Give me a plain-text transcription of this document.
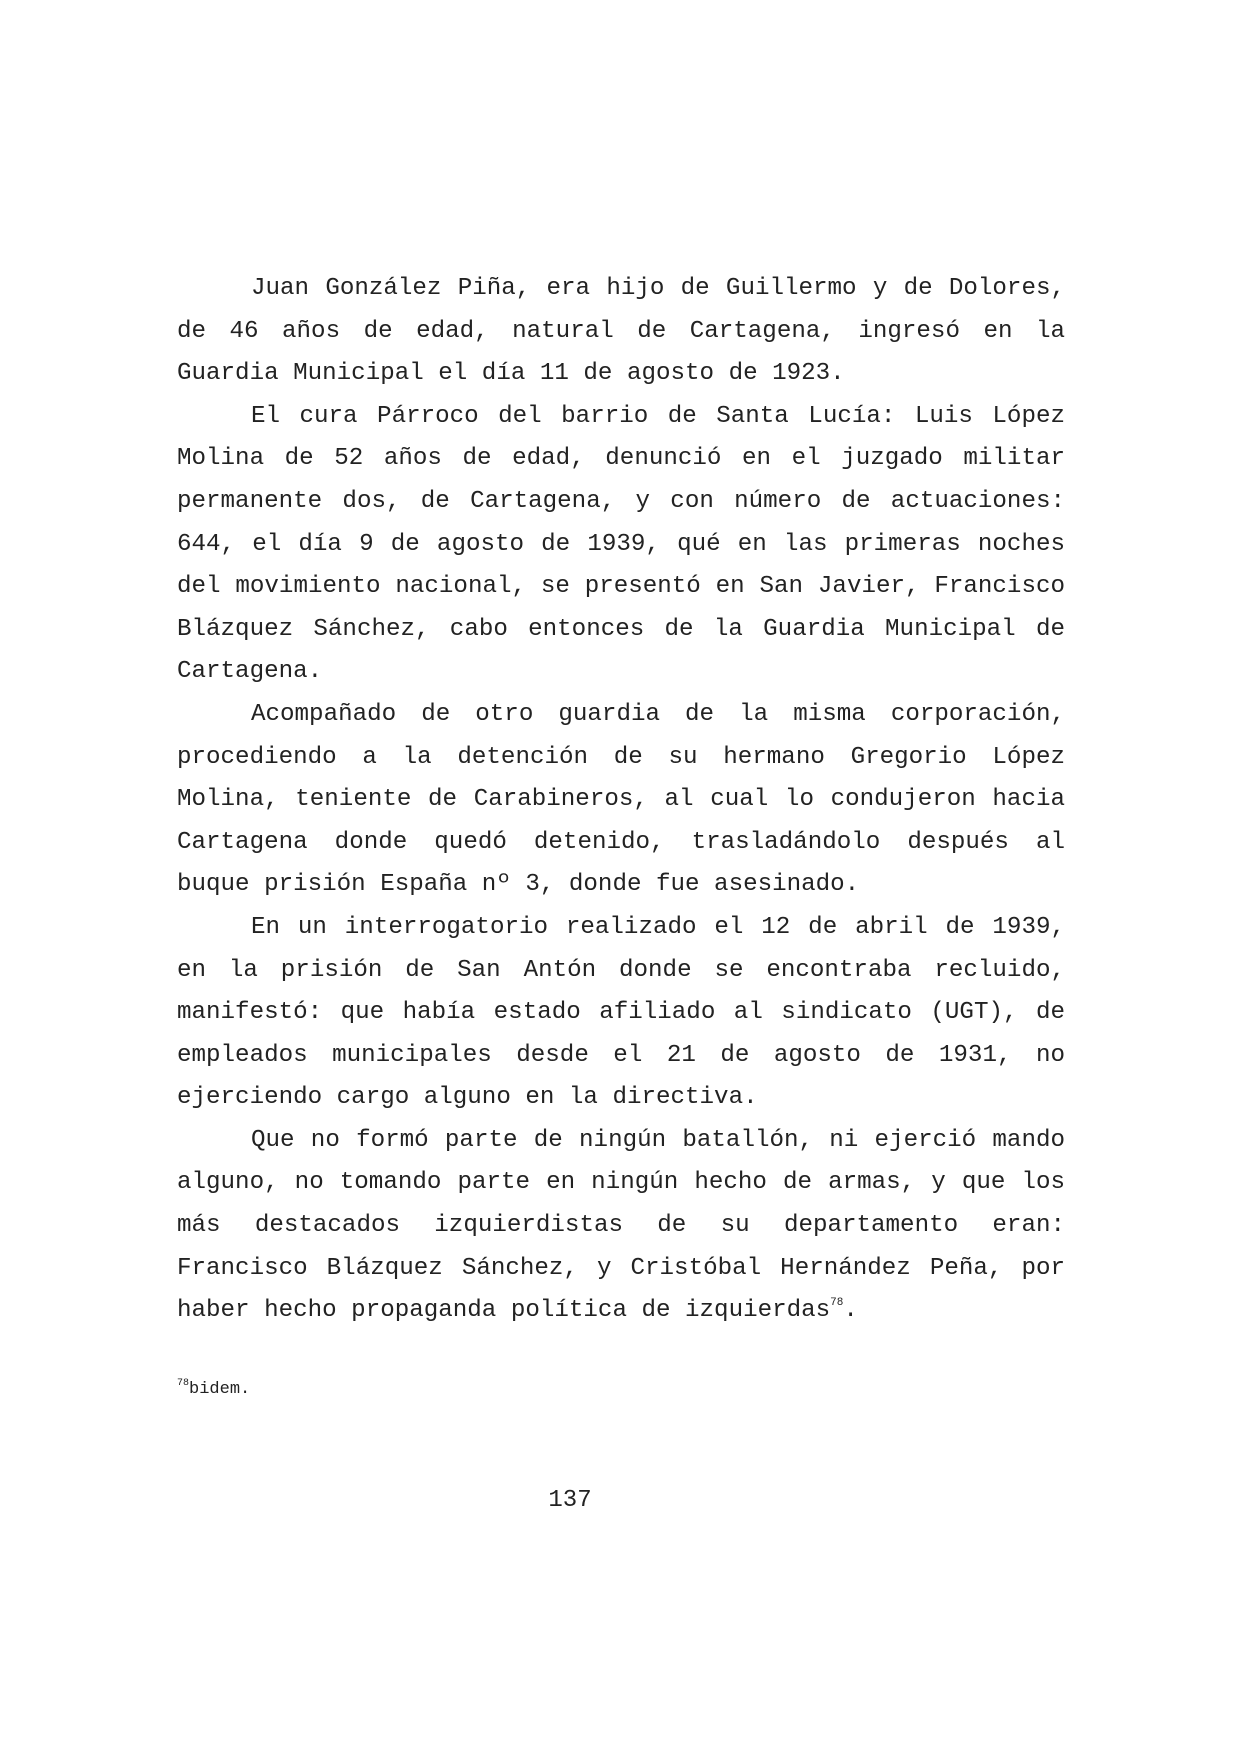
Juan González Piña, era hijo de Guillermo y de Dolores, de 46 años de edad, natural de Cartagena, ingresó en la Guardia Municipal el día 11 de agosto de 1923.

El cura Párroco del barrio de Santa Lucía: Luis López Molina de 52 años de edad, denunció en el juzgado militar permanente dos, de Cartagena, y con número de actuaciones: 644, el día 9 de agosto de 1939, qué en las primeras noches del movimiento nacional, se presentó en San Javier, Francisco Blázquez Sánchez, cabo entonces de la Guardia Municipal de Cartagena.

Acompañado de otro guardia de la misma corporación, procediendo a la detención de su hermano Gregorio López Molina, teniente de Carabineros, al cual lo condujeron hacia Cartagena donde quedó detenido, trasladándolo después al buque prisión España nº 3, donde fue asesinado.

En un interrogatorio realizado el 12 de abril de 1939, en la prisión de San Antón donde se encontraba recluido, manifestó: que había estado afiliado al sindicato (UGT), de empleados municipales desde el 21 de agosto de 1931, no ejerciendo cargo alguno en la directiva.

Que no formó parte de ningún batallón, ni ejerció mando alguno, no tomando parte en ningún hecho de armas, y que los más destacados izquierdistas de su departamento eran: Francisco Blázquez Sánchez, y Cristóbal Hernández Peña, por haber hecho propaganda política de izquierdas$^{78}$.

$^{78}$bidem.
137
